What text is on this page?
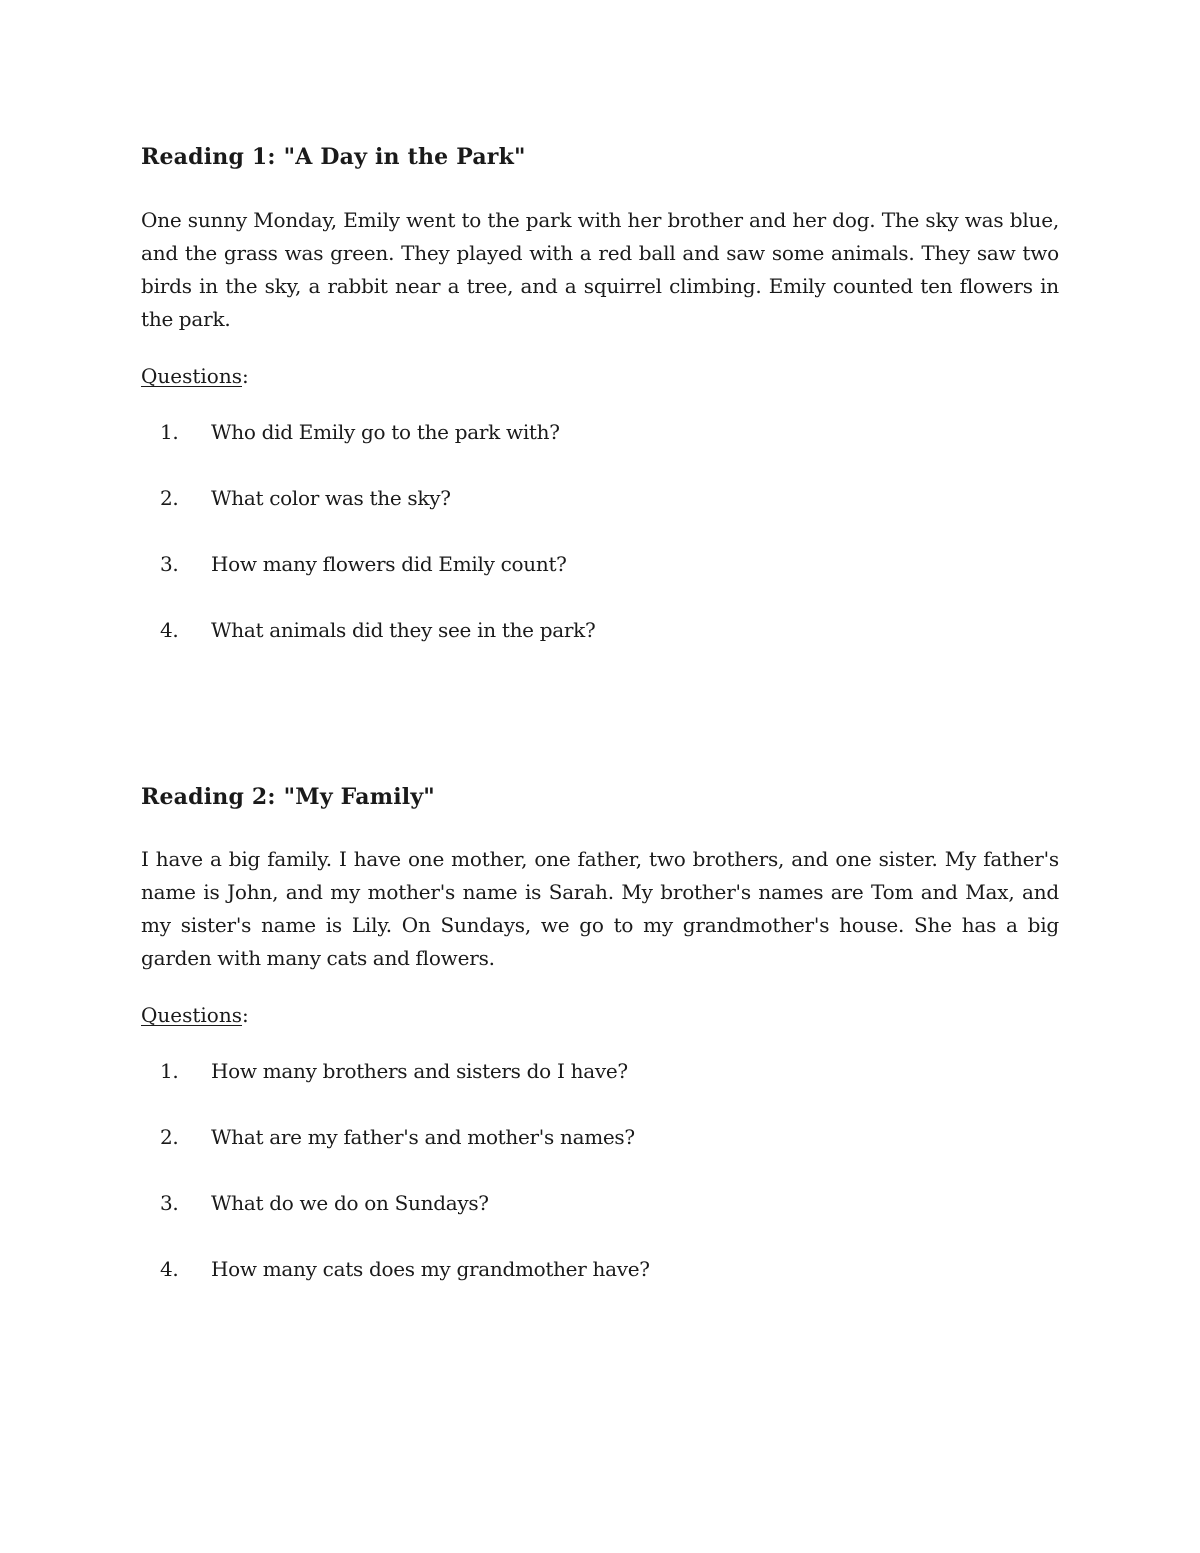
Reading 1: "A Day in the Park"

One sunny Monday, Emily went to the park with her brother and her dog. The sky was blue, and the grass was green. They played with a red ball and saw some animals. They saw two birds in the sky, a rabbit near a tree, and a squirrel climbing. Emily counted ten flowers in the park.

Questions:
1.	Who did Emily go to the park with?
2.	What color was the sky?
3.	How many flowers did Emily count?
4.	What animals did they see in the park?
Reading 2: "My Family"

I have a big family. I have one mother, one father, two brothers, and one sister. My father's name is John, and my mother's name is Sarah. My brother's names are Tom and Max, and my sister's name is Lily. On Sundays, we go to my grandmother's house. She has a big garden with many cats and flowers.

Questions:
1.	How many brothers and sisters do I have?
2.	What are my father's and mother's names?
3.	What do we do on Sundays?
4.	How many cats does my grandmother have?
